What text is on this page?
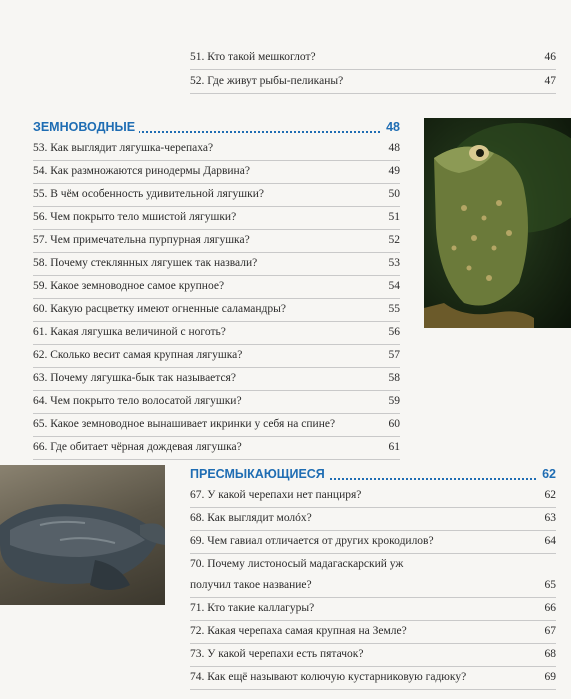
51. Кто такой мешкоглот?	46
52. Где живут рыбы-пеликаны?	47
ЗЕМНОВОДНЫЕ	48
53. Как выглядит лягушка-черепаха?	48
54. Как размножаются ринодермы Дарвина?	49
55. В чём особенность удивительной лягушки?	50
56. Чем покрыто тело мшистой лягушки?	51
57. Чем примечательна пурпурная лягушка?	52
58. Почему стеклянных лягушек так назвали?	53
59. Какое земноводное самое крупное?	54
60. Какую расцветку имеют огненные саламандры?	55
61. Какая лягушка величиной с ноготь?	56
62. Сколько весит самая крупная лягушка?	57
63. Почему лягушка-бык так называется?	58
64. Чем покрыто тело волосатой лягушки?	59
65. Какое земноводное вынашивает икринки у себя на спине?	60
66. Где обитает чёрная дождевая лягушка?	61
ПРЕСМЫКАЮЩИЕСЯ	62
67. У какой черепахи нет панциря?	62
68. Как выглядит молóх?	63
69. Чем гавиал отличается от других крокодилов?	64
70. Почему листоносый мадагаскарский уж
получил такое название?	65
71. Кто такие каллагуры?	66
72. Какая черепаха самая крупная на Земле?	67
73. У какой черепахи есть пятачок?	68
74. Как ещё называют колючую кустарниковую гадюку?	69
